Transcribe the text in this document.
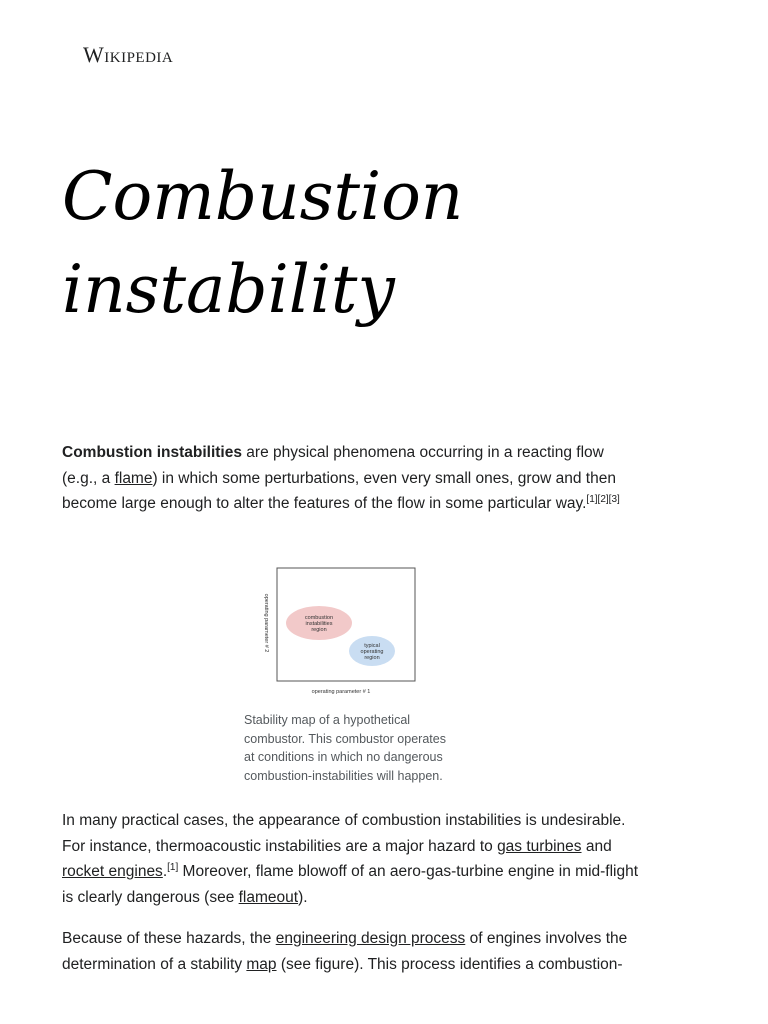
Wikipedia
Combustion
instability

Combustion instabilities are physical phenomena occurring in a reacting flow (e.g., a flame) in which some perturbations, even very small ones, grow and then become large enough to alter the features of the flow in some particular way.[1][2][3]

combustion
instabilities
region
typical
operating
region
operating parameter # 1
operating parameter # 2

Stability map of a hypothetical combustor. This combustor operates at conditions in which no dangerous combustion-instabilities will happen.

In many practical cases, the appearance of combustion instabilities is undesirable. For instance, thermoacoustic instabilities are a major hazard to gas turbines and rocket engines.[1] Moreover, flame blowoff of an aero-gas-turbine engine in mid-flight is clearly dangerous (see flameout).

Because of these hazards, the engineering design process of engines involves the determination of a stability map (see figure). This process identifies a combustion-
